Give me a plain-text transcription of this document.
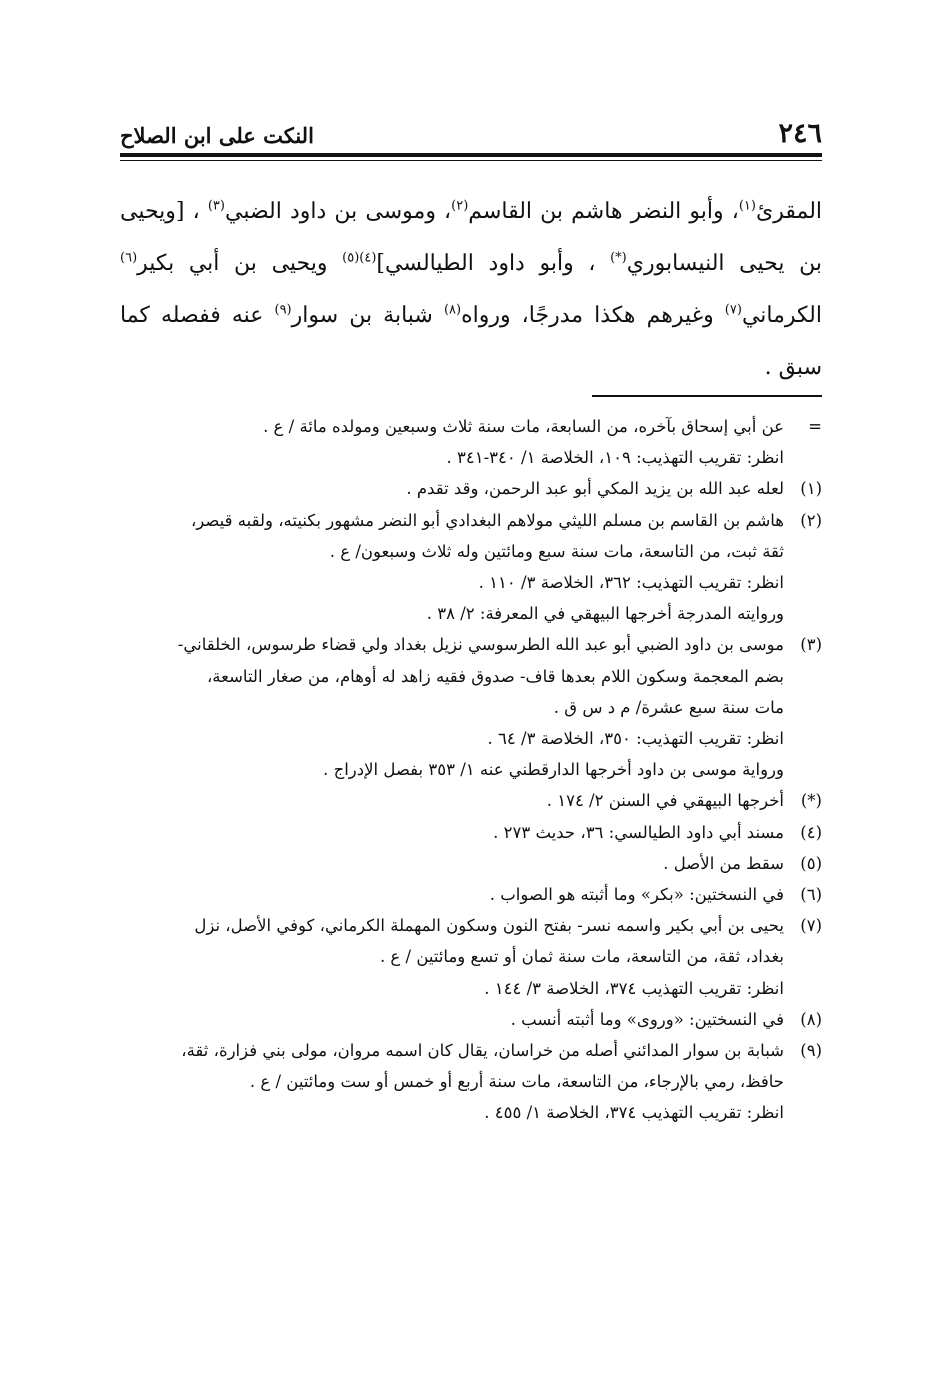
٢٤٦
النكت على ابن الصلاح

المقرئ$^{(١)}$، وأبو النضر هاشم بن القاسم$^{(٢)}$، وموسى بن داود الضبي$^{(٣)}$ ، [ويحيى بن يحيى النيسابوري(*) ، وأبو داود الطيالسي]$^{(٤)(٥)}$ ويحيى بن أبي بكير$^{(٦)}$ الكرماني$^{(٧)}$ وغيرهم هكذا مدرجًا، ورواه$^{(٨)}$ شبابة بن سوار$^{(٩)}$ عنه ففصله كما سبق .

=
عن أبي إسحاق بآخره، من السابعة، مات سنة ثلاث وسبعين ومولده مائة / ع .
انظر: تقريب التهذيب: ١٠٩، الخلاصة ١/ ٣٤٠-٣٤١ .
(١)
لعله عبد الله بن يزيد المكي أبو عبد الرحمن، وقد تقدم .
(٢)
هاشم بن القاسم بن مسلم الليثي مولاهم البغدادي أبو النضر مشهور بكنيته، ولقبه قيصر،
ثقة ثبت، من التاسعة، مات سنة سبع ومائتين وله ثلاث وسبعون/ ع .
انظر: تقريب التهذيب: ٣٦٢، الخلاصة ٣/ ١١٠ .
وروايته المدرجة أخرجها البيهقي في المعرفة: ٢/ ٣٨ .
(٣)
موسى بن داود الضبي أبو عبد الله الطرسوسي نزيل بغداد ولي قضاء طرسوس، الخلقاني-
بضم المعجمة وسكون اللام بعدها قاف- صدوق فقيه زاهد له أوهام، من صغار التاسعة،
مات سنة سبع عشرة/ م د س ق .
انظر: تقريب التهذيب: ٣٥٠، الخلاصة ٣/ ٦٤ .
ورواية موسى بن داود أخرجها الدارقطني عنه ١/ ٣٥٣ بفصل الإدراج .
(*)
أخرجها البيهقي في السنن ٢/ ١٧٤ .
(٤)
مسند أبي داود الطيالسي: ٣٦، حديث ٢٧٣ .
(٥)
سقط من الأصل .
(٦)
في النسختين: «بكر» وما أثبته هو الصواب .
(٧)
يحيى بن أبي بكير واسمه نسر- بفتح النون وسكون المهملة الكرماني، كوفي الأصل، نزل
بغداد، ثقة، من التاسعة، مات سنة ثمان أو تسع ومائتين / ع .
انظر: تقريب التهذيب ٣٧٤، الخلاصة ٣/ ١٤٤ .
(٨)
في النسختين: «وروى» وما أثبته أنسب .
(٩)
شبابة بن سوار المدائني أصله من خراسان، يقال كان اسمه مروان، مولى بني فزارة، ثقة،
حافظ، رمي بالإرجاء، من التاسعة، مات سنة أربع أو خمس أو ست ومائتين / ع .
انظر: تقريب التهذيب ٣٧٤، الخلاصة ١/ ٤٥٥ .
